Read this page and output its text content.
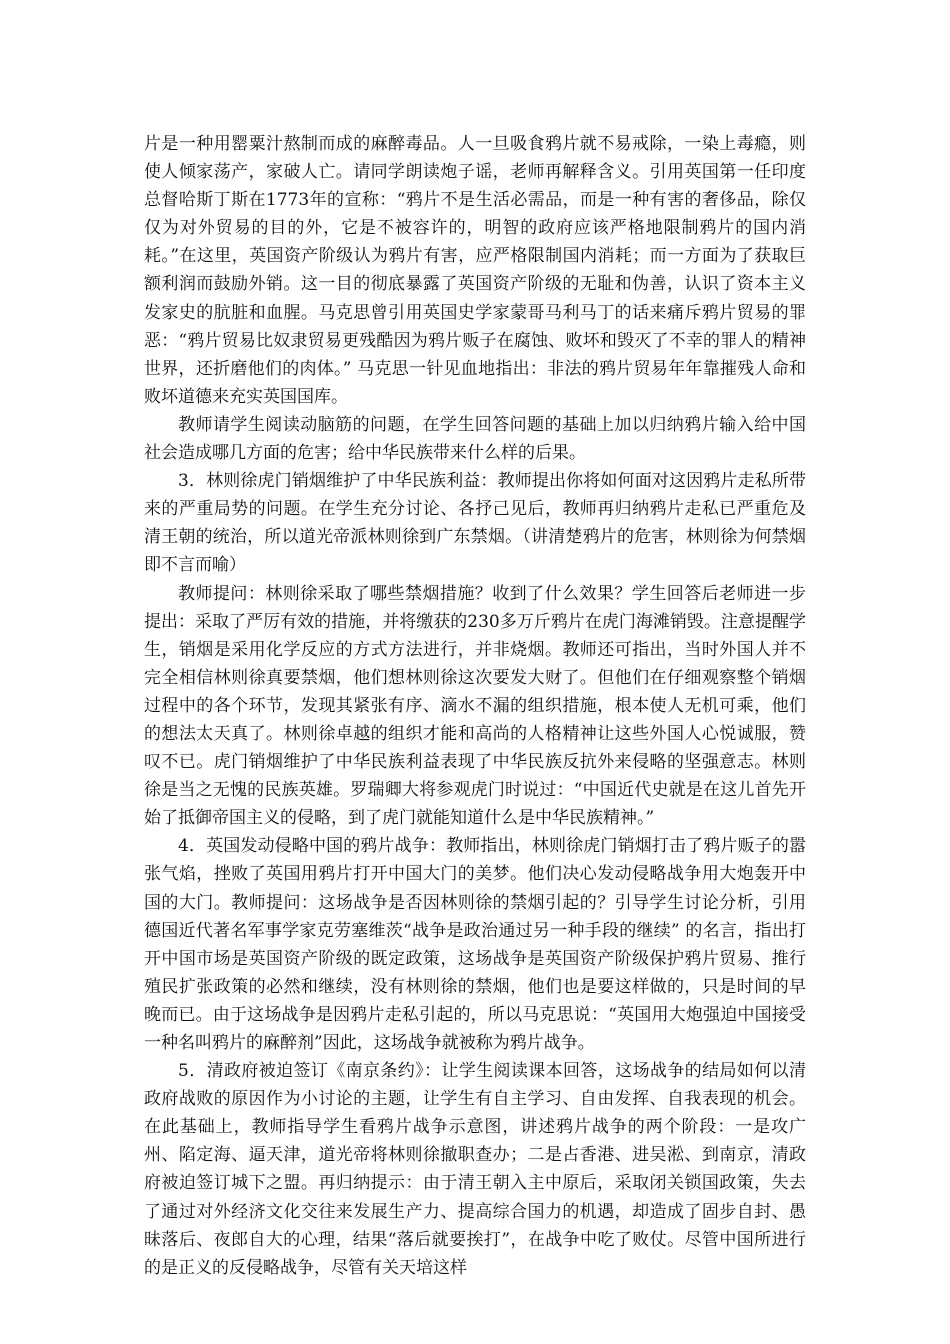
片是一种用罂粟汁熬制而成的麻醉毒品。人一旦吸食鸦片就不易戒除，一染上毒瘾，则使人倾家荡产，家破人亡。请同学朗读炮子谣，老师再解释含义。引用英国第一任印度总督哈斯丁斯在1773年的宣称：“鸦片不是生活必需品，而是一种有害的奢侈品，除仅仅为对外贸易的目的外，它是不被容许的，明智的政府应该严格地限制鸦片的国内消耗。”在这里，英国资产阶级认为鸦片有害，应严格限制国内消耗；而一方面为了获取巨额利润而鼓励外销。这一目的彻底暴露了英国资产阶级的无耻和伪善，认识了资本主义发家史的肮脏和血腥。马克思曾引用英国史学家蒙哥马利马丁的话来痛斥鸦片贸易的罪恶：“鸦片贸易比奴隶贸易更残酷因为鸦片贩子在腐蚀、败坏和毁灭了不幸的罪人的精神世界，还折磨他们的肉体。” 马克思一针见血地指出：非法的鸦片贸易年年靠摧残人命和败坏道德来充实英国国库。

教师请学生阅读动脑筋的问题，在学生回答问题的基础上加以归纳鸦片输入给中国社会造成哪几方面的危害；给中华民族带来什么样的后果。

3．林则徐虎门销烟维护了中华民族利益：教师提出你将如何面对这因鸦片走私所带来的严重局势的问题。在学生充分讨论、各抒己见后，教师再归纳鸦片走私已严重危及清王朝的统治，所以道光帝派林则徐到广东禁烟。（讲清楚鸦片的危害，林则徐为何禁烟即不言而喻）

教师提问：林则徐采取了哪些禁烟措施？收到了什么效果？学生回答后老师进一步提出：采取了严厉有效的措施，并将缴获的230多万斤鸦片在虎门海滩销毁。注意提醒学生，销烟是采用化学反应的方式方法进行，并非烧烟。教师还可指出，当时外国人并不完全相信林则徐真要禁烟，他们想林则徐这次要发大财了。但他们在仔细观察整个销烟过程中的各个环节，发现其紧张有序、滴水不漏的组织措施，根本使人无机可乘，他们的想法太天真了。林则徐卓越的组织才能和高尚的人格精神让这些外国人心悦诚服，赞叹不已。虎门销烟维护了中华民族利益表现了中华民族反抗外来侵略的坚强意志。林则徐是当之无愧的民族英雄。罗瑞卿大将参观虎门时说过：“中国近代史就是在这儿首先开始了抵御帝国主义的侵略，到了虎门就能知道什么是中华民族精神。”

4．英国发动侵略中国的鸦片战争：教师指出，林则徐虎门销烟打击了鸦片贩子的嚣张气焰，挫败了英国用鸦片打开中国大门的美梦。他们决心发动侵略战争用大炮轰开中国的大门。教师提问：这场战争是否因林则徐的禁烟引起的？引导学生讨论分析，引用德国近代著名军事学家克劳塞维茨“战争是政治通过另一种手段的继续” 的名言，指出打开中国市场是英国资产阶级的既定政策，这场战争是英国资产阶级保护鸦片贸易、推行殖民扩张政策的必然和继续，没有林则徐的禁烟，他们也是要这样做的，只是时间的早晚而已。由于这场战争是因鸦片走私引起的，所以马克思说：“英国用大炮强迫中国接受一种名叫鸦片的麻醉剂”因此，这场战争就被称为鸦片战争。

5．清政府被迫签订《南京条约》：让学生阅读课本回答，这场战争的结局如何以清政府战败的原因作为小讨论的主题，让学生有自主学习、自由发挥、自我表现的机会。在此基础上，教师指导学生看鸦片战争示意图，讲述鸦片战争的两个阶段：一是攻广州、陷定海、逼天津，道光帝将林则徐撤职查办；二是占香港、进吴淞、到南京，清政府被迫签订城下之盟。再归纳提示：由于清王朝入主中原后，采取闭关锁国政策，失去了通过对外经济文化交往来发展生产力、提高综合国力的机遇，却造成了固步自封、愚昧落后、夜郎自大的心理，结果“落后就要挨打”，在战争中吃了败仗。尽管中国所进行的是正义的反侵略战争，尽管有关天培这样
